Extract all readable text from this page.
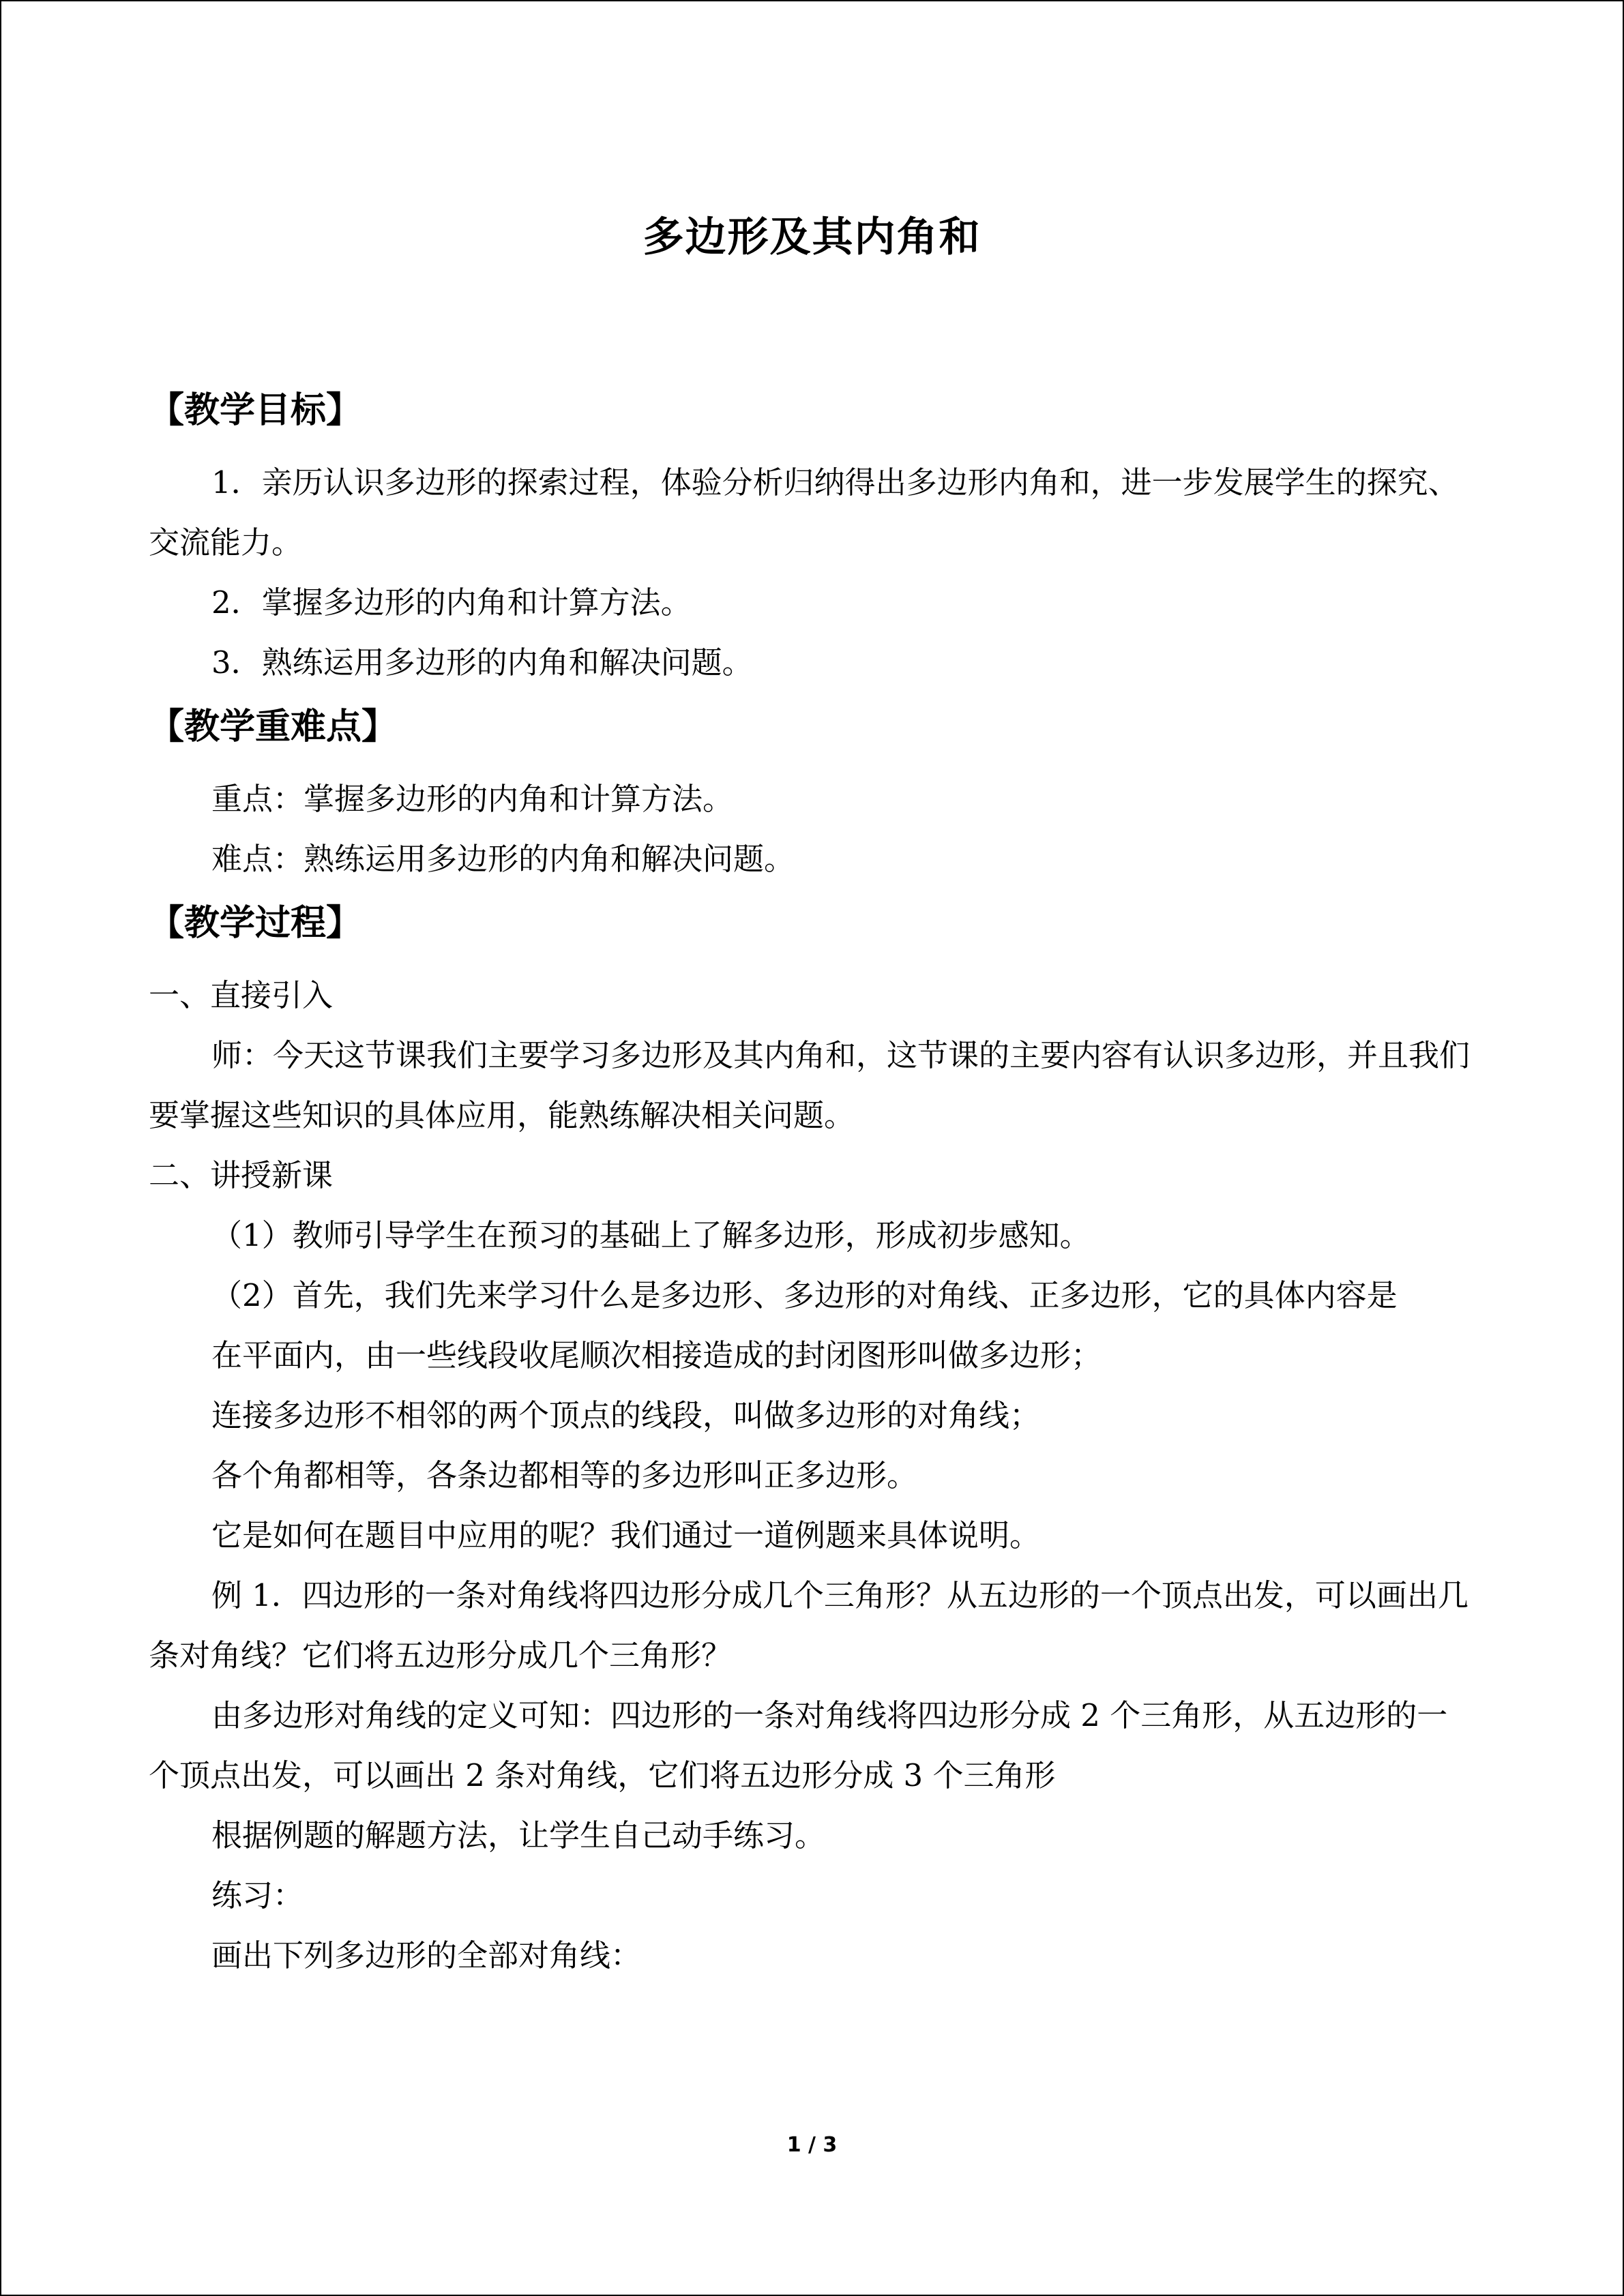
多边形及其内角和
【教学目标】

1．亲历认识多边形的探索过程，体验分析归纳得出多边形内角和，进一步发展学生的探究、交流能力。

2．掌握多边形的内角和计算方法。

3．熟练运用多边形的内角和解决问题。

【教学重难点】

重点：掌握多边形的内角和计算方法。

难点：熟练运用多边形的内角和解决问题。

【教学过程】

一、直接引入

师：今天这节课我们主要学习多边形及其内角和，这节课的主要内容有认识多边形，并且我们要掌握这些知识的具体应用，能熟练解决相关问题。

二、讲授新课

（1）教师引导学生在预习的基础上了解多边形，形成初步感知。

（2）首先，我们先来学习什么是多边形、多边形的对角线、正多边形，它的具体内容是

在平面内，由一些线段收尾顺次相接造成的封闭图形叫做多边形；

连接多边形不相邻的两个顶点的线段，叫做多边形的对角线；

各个角都相等，各条边都相等的多边形叫正多边形。

它是如何在题目中应用的呢？我们通过一道例题来具体说明。

例 1．四边形的一条对角线将四边形分成几个三角形？从五边形的一个顶点出发，可以画出几条对角线？它们将五边形分成几个三角形？

由多边形对角线的定义可知：四边形的一条对角线将四边形分成 2 个三角形，从五边形的一个顶点出发，可以画出 2 条对角线，它们将五边形分成 3 个三角形

根据例题的解题方法，让学生自己动手练习。

练习：

画出下列多边形的全部对角线：

1 / 3
